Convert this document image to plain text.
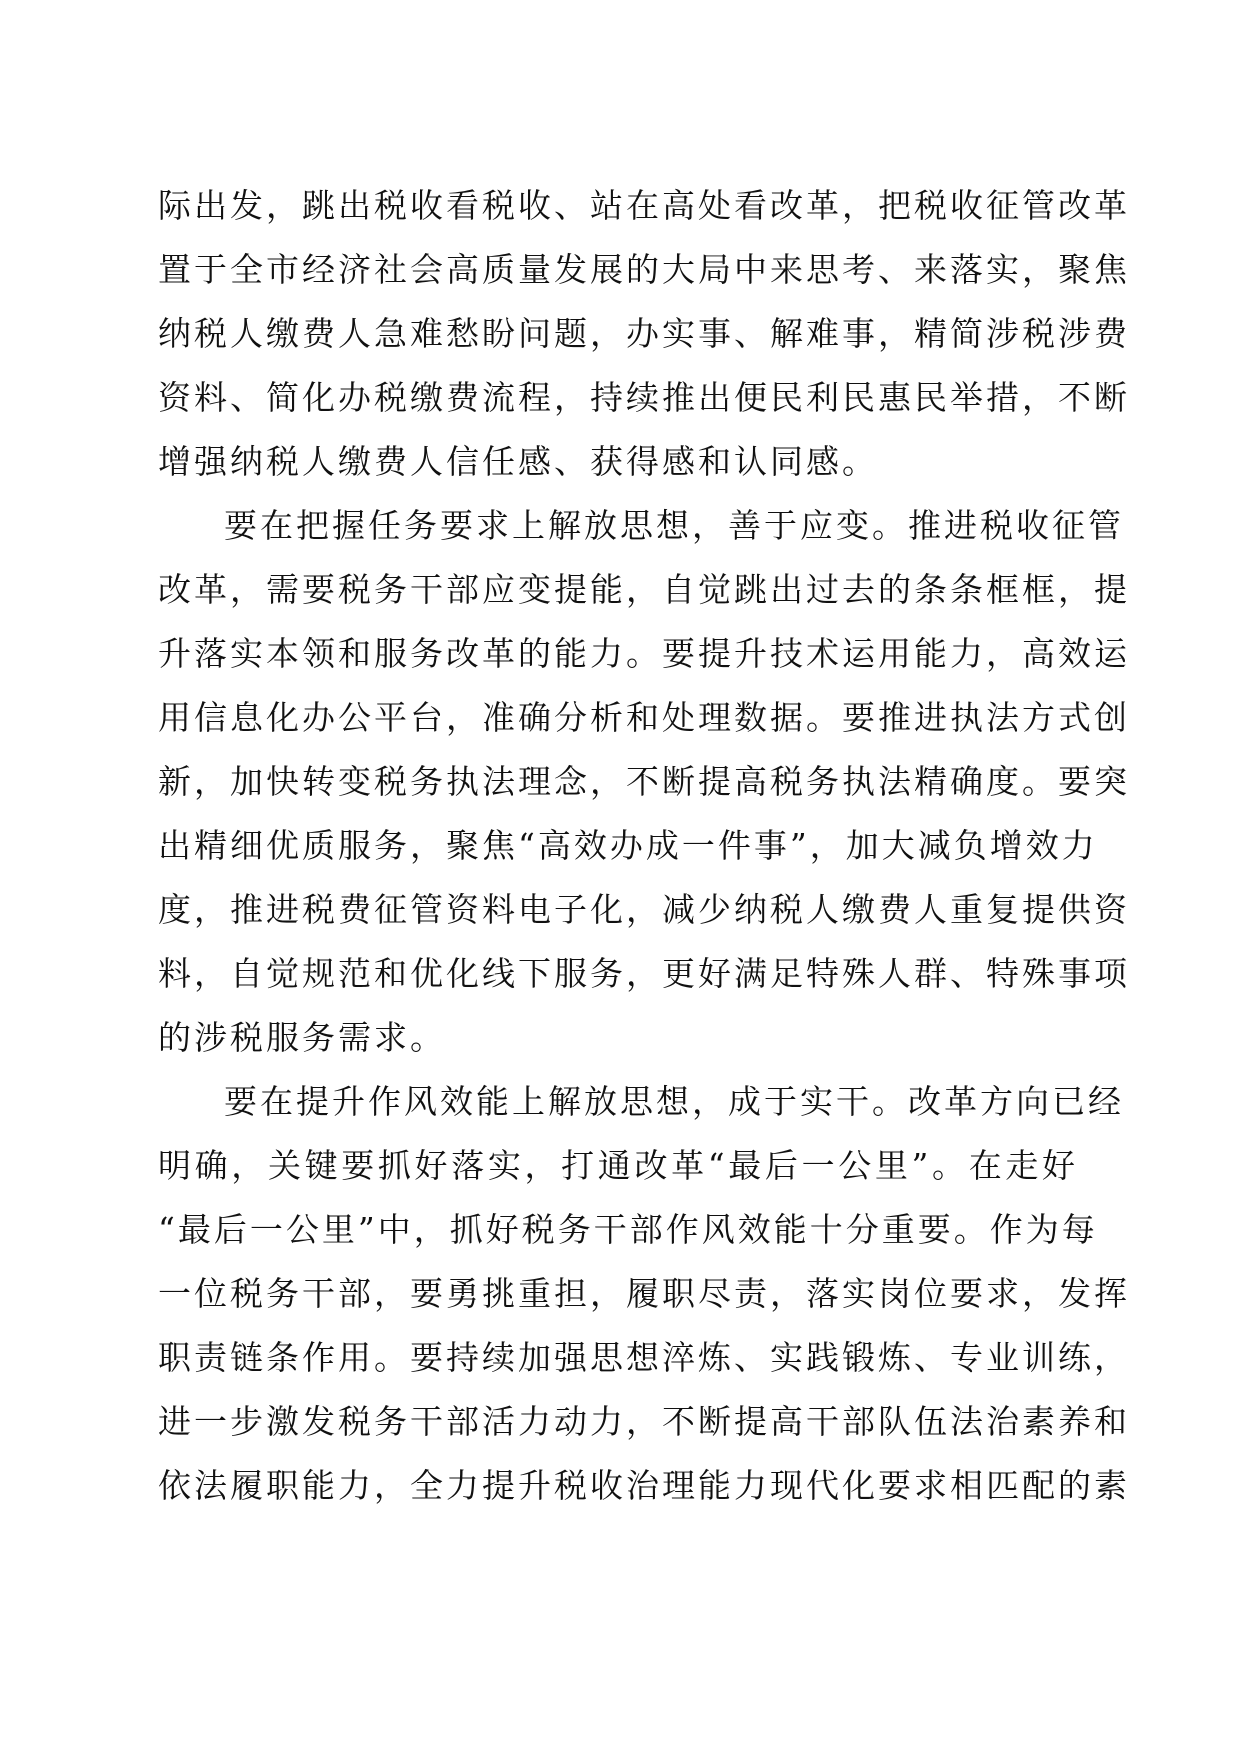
际出发，跳出税收看税收、站在高处看改革，把税收征管改革
置于全市经济社会高质量发展的大局中来思考、来落实，聚焦
纳税人缴费人急难愁盼问题，办实事、解难事，精简涉税涉费
资料、简化办税缴费流程，持续推出便民利民惠民举措，不断
增强纳税人缴费人信任感、获得感和认同感。
要在把握任务要求上解放思想，善于应变。推进税收征管
改革，需要税务干部应变提能，自觉跳出过去的条条框框，提
升落实本领和服务改革的能力。要提升技术运用能力，高效运
用信息化办公平台，准确分析和处理数据。要推进执法方式创
新，加快转变税务执法理念，不断提高税务执法精确度。要突
出精细优质服务，聚焦“高效办成一件事”，加大减负增效力
度，推进税费征管资料电子化，减少纳税人缴费人重复提供资
料，自觉规范和优化线下服务，更好满足特殊人群、特殊事项
的涉税服务需求。
要在提升作风效能上解放思想，成于实干。改革方向已经
明确，关键要抓好落实，打通改革“最后一公里”。在走好
“最后一公里”中，抓好税务干部作风效能十分重要。作为每
一位税务干部，要勇挑重担，履职尽责，落实岗位要求，发挥
职责链条作用。要持续加强思想淬炼、实践锻炼、专业训练，
进一步激发税务干部活力动力，不断提高干部队伍法治素养和
依法履职能力，全力提升税收治理能力现代化要求相匹配的素
